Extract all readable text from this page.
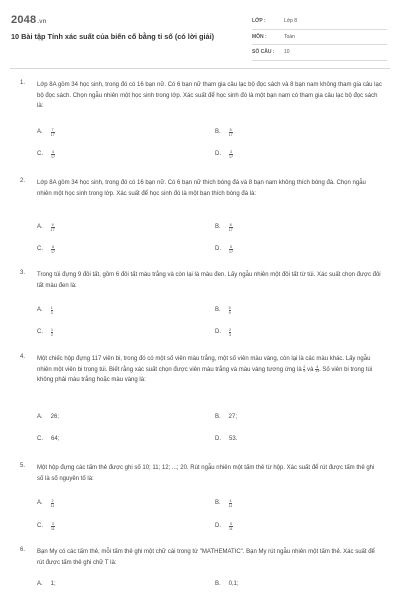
2048.vn
10 Bài tập Tính xác suất của biến cố bằng tỉ số (có lời giải)
LỚP :	Lớp 8
MÔN :	Toán
SỐ CÂU :	10
1. Lớp 8A gồm 34 học sinh, trong đó có 16 bạn nữ. Có 6 bạn nữ tham gia câu lạc bộ đọc sách và 8 bạn nam không tham gia câu lạc bộ đọc sách. Chọn ngẫu nhiên một học sinh trong lớp. Xác suất để học sinh đó là một bạn nam có tham gia câu lạc bộ đọc sách là:
A. $\frac{7}{17}$	B. $\frac{5}{17}$
C. $\frac{4}{17}$	D. $\frac{3}{17}$
2. Lớp 8A gồm 34 học sinh, trong đó có 16 bạn nữ. Có 6 bạn nữ thích bóng đá và 8 bạn nam không thích bóng đá. Chọn ngẫu nhiên một học sinh trong lớp. Xác suất để học sinh đó là một bạn thích bóng đá là:
A. $\frac{9}{17}$	B. $\frac{8}{17}$
C. $\frac{6}{17}$	D. $\frac{5}{17}$
3. Trong túi đựng 9 đôi tất, gồm 6 đôi tất màu trắng và còn lại là màu đen. Lấy ngẫu nhiên một đôi tất từ túi. Xác suất chọn được đôi tất màu đen là:
A. $\frac{1}{3}$	B. $\frac{5}{9}$
C. $\frac{1}{2}$	D. $\frac{2}{3}$
4. Một chiếc hộp đựng 117 viên bi, trong đó có một số viên màu trắng, một số viên màu vàng, còn lại là các màu khác. Lấy ngẫu nhiên một viên bi trong túi. Biết rằng xác suất chọn được viên màu trắng và màu vàng tương ứng là $\frac{2}{9}$ và $\frac{4}{13}$ . Số viên bi trong túi không phải màu trắng hoặc màu vàng là:
A. 26;	B. 27;
C. 64;	D. 53.
5. Một hộp đựng các tấm thẻ được ghi số 10; 11; 12; ...; 20. Rút ngẫu nhiên một tấm thẻ từ hộp. Xác suất để rút được tấm thẻ ghi số là số nguyên tố là:
A. $\frac{2}{11}$	B. $\frac{4}{11}$
C. $\frac{3}{11}$	D. $\frac{5}{11}$
6. Bạn My có các tấm thẻ, mỗi tấm thẻ ghi một chữ cái trong từ "MATHEMATIC". Bạn My rút ngẫu nhiên một tấm thẻ. Xác suất để rút được tấm thẻ ghi chữ T là:
A. 1;	B. 0,1;
